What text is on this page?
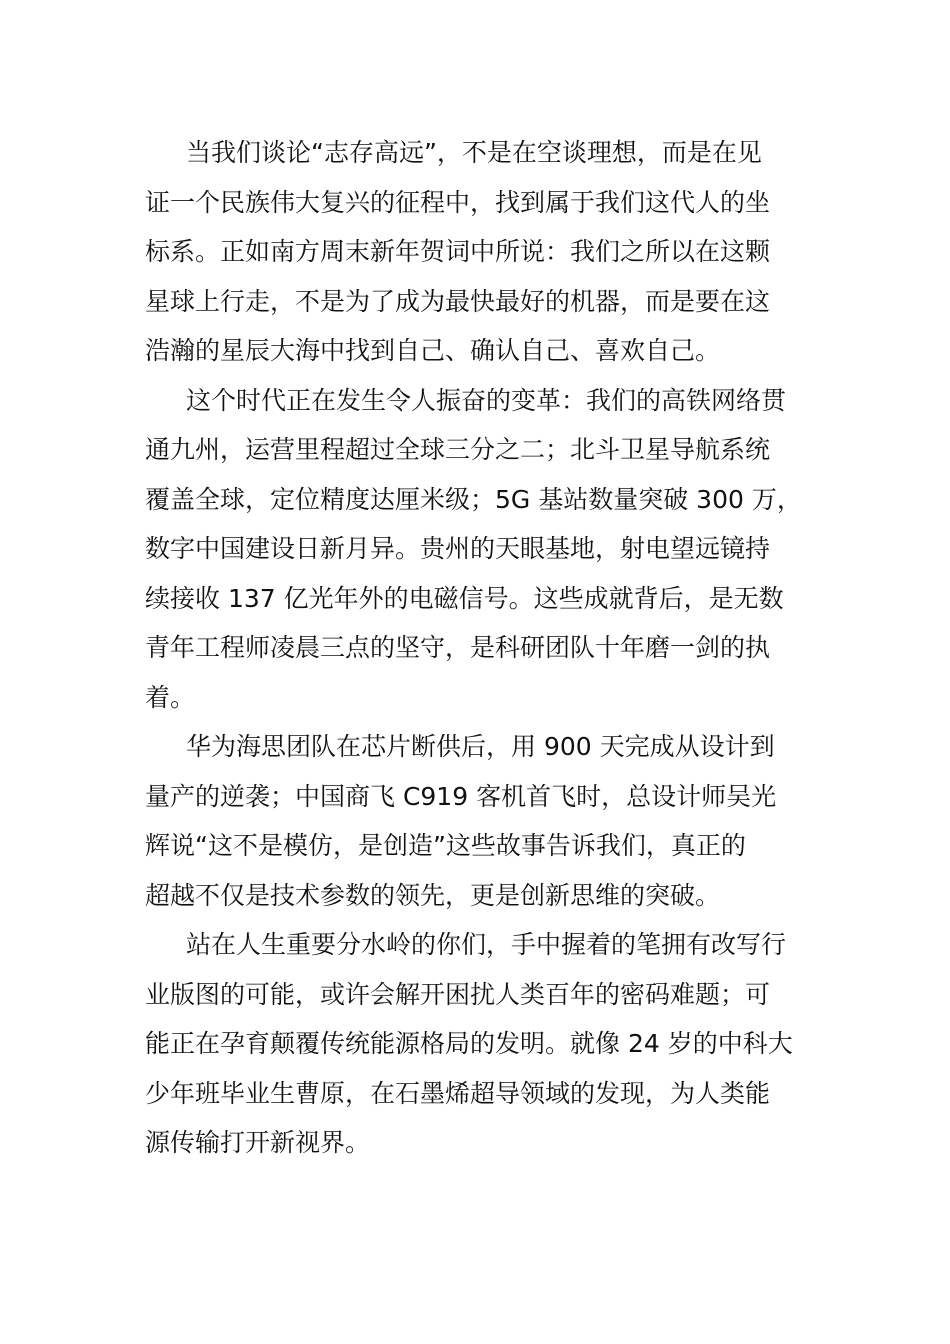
当我们谈论“志存高远”，不是在空谈理想，而是在见
证一个民族伟大复兴的征程中，找到属于我们这代人的坐
标系。正如南方周末新年贺词中所说：我们之所以在这颗
星球上行走，不是为了成为最快最好的机器，而是要在这
浩瀚的星辰大海中找到自己、确认自己、喜欢自己。
这个时代正在发生令人振奋的变革：我们的高铁网络贯
通九州，运营里程超过全球三分之二；北斗卫星导航系统
覆盖全球，定位精度达厘米级；5G 基站数量突破 300 万，
数字中国建设日新月异。贵州的天眼基地，射电望远镜持
续接收 137 亿光年外的电磁信号。这些成就背后，是无数
青年工程师凌晨三点的坚守，是科研团队十年磨一剑的执
着。
华为海思团队在芯片断供后，用 900 天完成从设计到
量产的逆袭；中国商飞 C919 客机首飞时，总设计师吴光
辉说“这不是模仿，是创造”这些故事告诉我们，真正的
超越不仅是技术参数的领先，更是创新思维的突破。
站在人生重要分水岭的你们，手中握着的笔拥有改写行
业版图的可能，或许会解开困扰人类百年的密码难题；可
能正在孕育颠覆传统能源格局的发明。就像 24 岁的中科大
少年班毕业生曹原，在石墨烯超导领域的发现，为人类能
源传输打开新视界。
